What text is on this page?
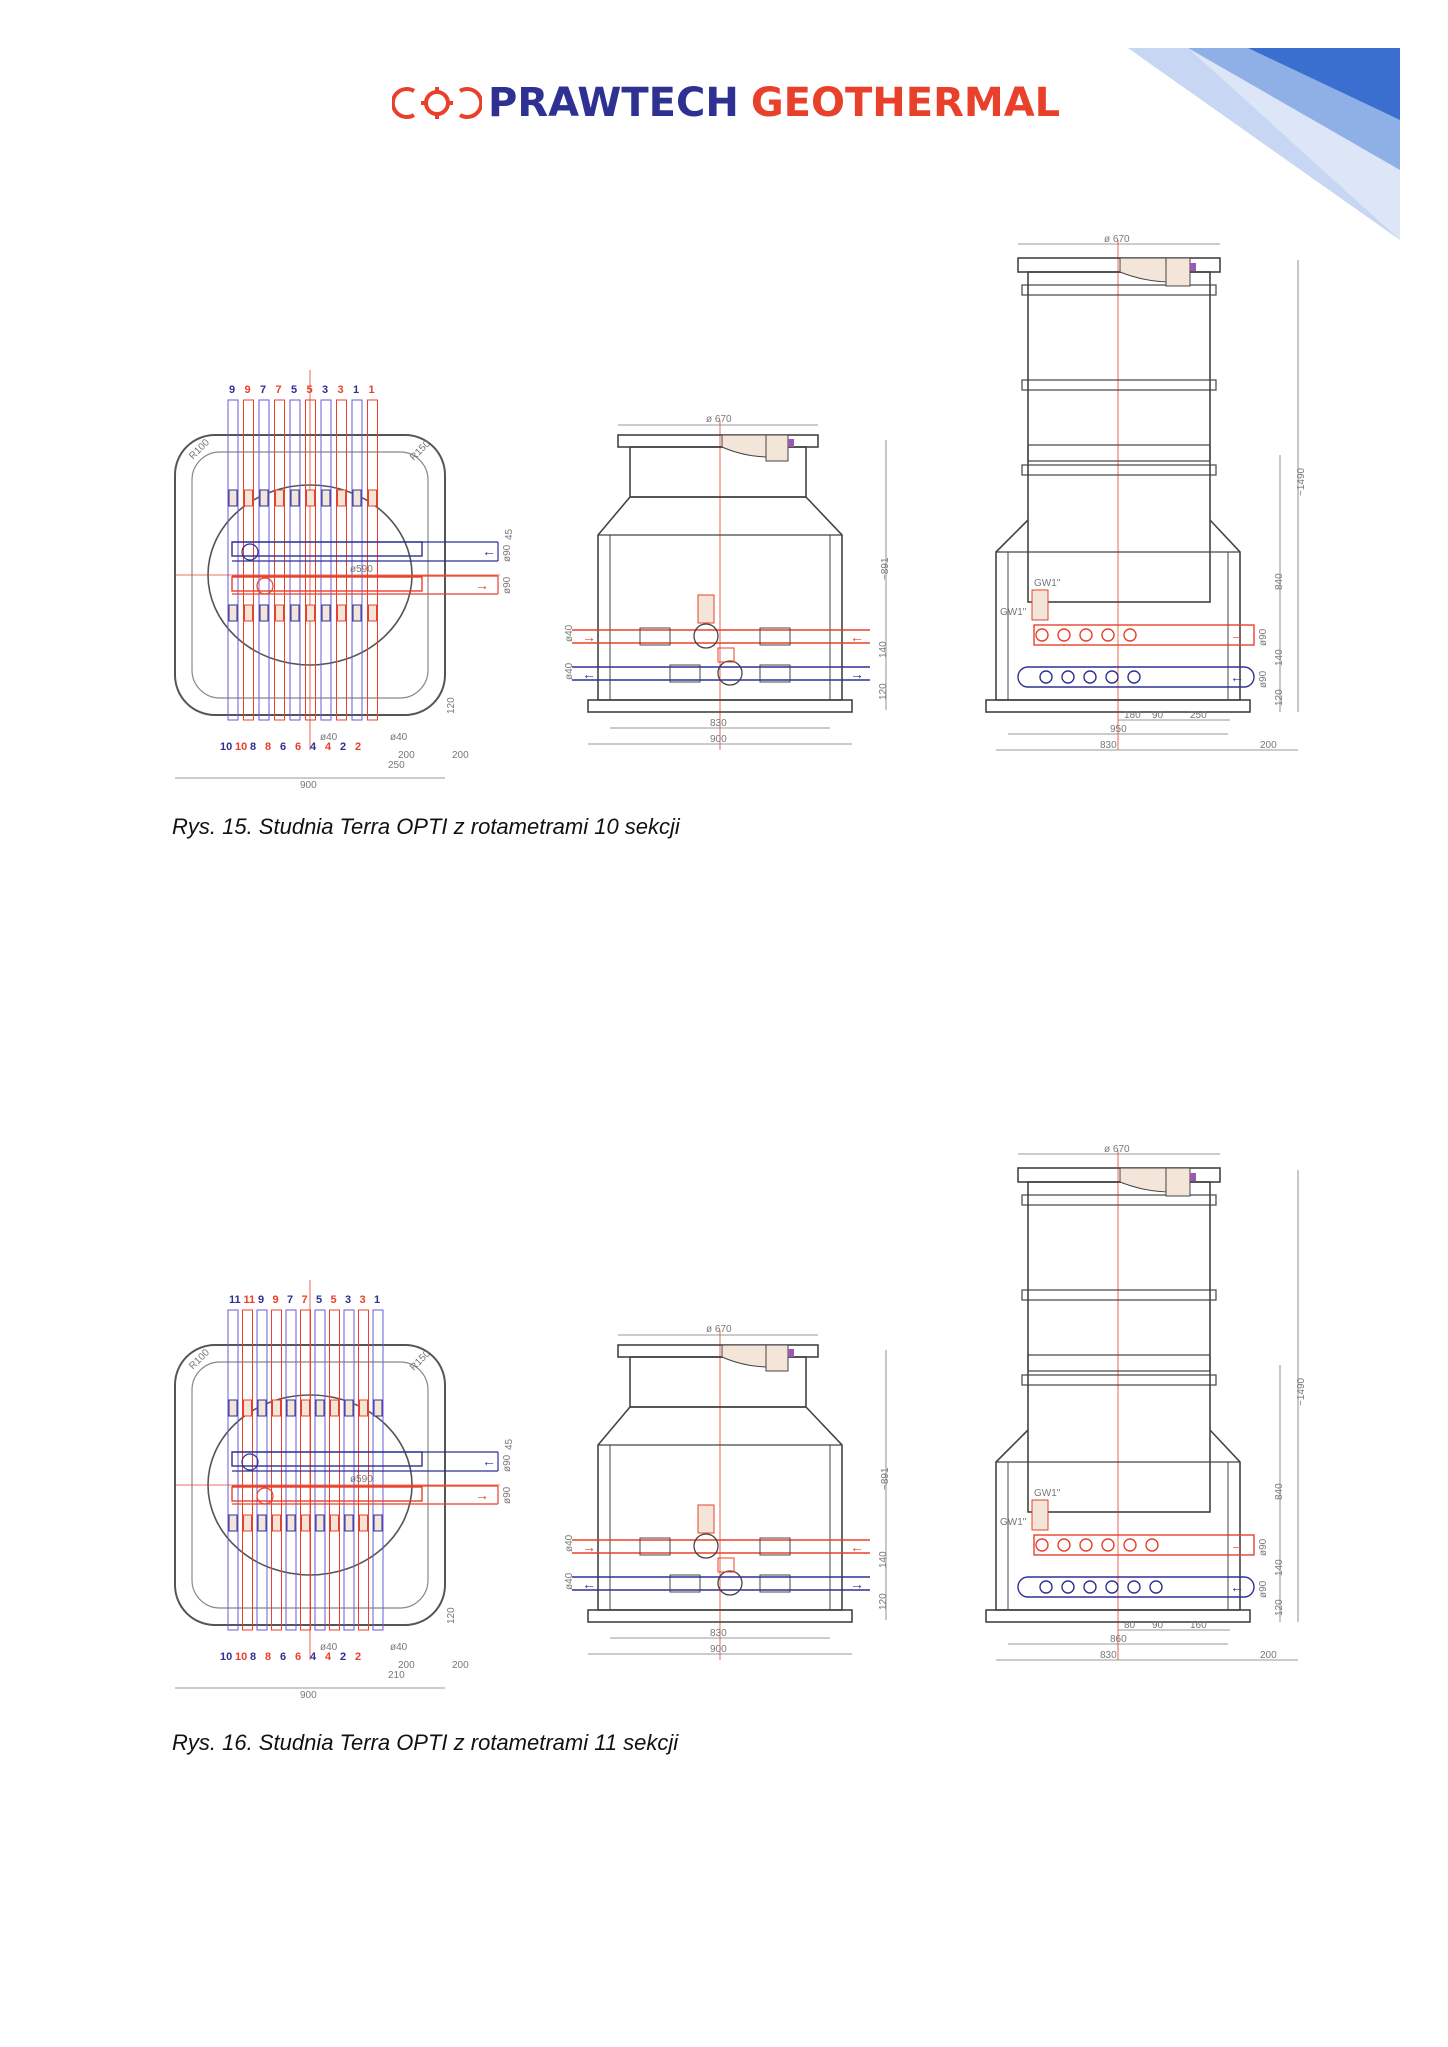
PRAWTECH GEOTHERMAL
←
→
R100	R150
ø590
45
ø90
ø90
120
ø40	ø40
200	200
250
900
9 9 7 7 5 5 3 3 1 1
10 10 8 8 6 6 4 4 2 2
→	←
←	→
ø 670
ø40
ø40
~891
140
120
830
900
GW1"
GW1"
→
←
ø 670
~1490
840
ø90
ø90
140
120
180 90	250
950
830	200
Rys. 15. Studnia Terra OPTI z rotametrami 10 sekcji
←
→
R100	R150
ø590
45
ø90
ø90
120
ø40	ø40
200	200
210
900
11 11 9 9 7 7 5 5 3 3 1
10 10 8 8 6 6 4 4 2 2
→	←
←	→
ø 670
ø40
ø40
~891
140
120
830
900
GW1"
GW1"
→
←
ø 670
~1490
840
ø90
ø90
140
120
80 90	160
860
830	200
Rys. 16. Studnia Terra OPTI z rotametrami 11 sekcji
